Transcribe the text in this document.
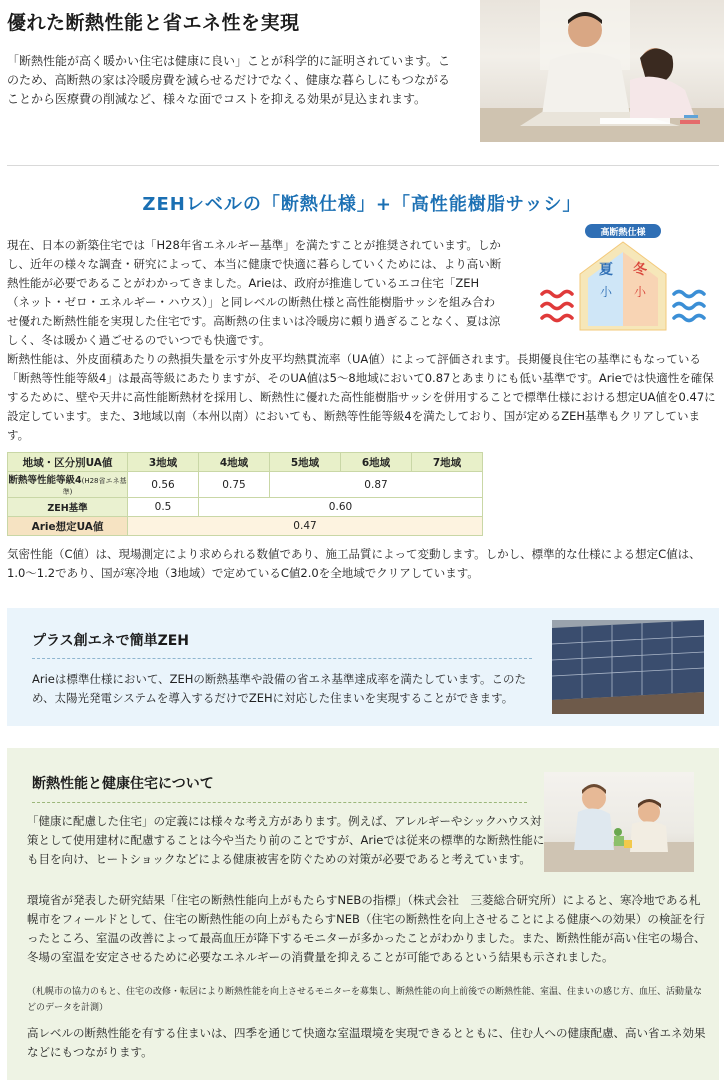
優れた断熱性能と省エネ性を実現
「断熱性能が高く暖かい住宅は健康に良い」ことが科学的に証明されています。このため、高断熱の家は冷暖房費を減らせるだけでなく、健康な暮らしにもつながることから医療費の削減など、様々な面でコストを抑える効果が見込まれます。
ZEHレベルの「断熱仕様」+「高性能樹脂サッシ」
現在、日本の新築住宅では「H28年省エネルギー基準」を満たすことが推奨されています。しかし、近年の様々な調査・研究によって、本当に健康で快適に暮らしていくためには、より高い断熱性能が必要であることがわかってきました。Arieは、政府が推進しているエコ住宅「ZEH（ネット・ゼロ・エネルギー・ハウス）」と同レベルの断熱仕様と高性能樹脂サッシを組み合わせ優れた断熱性能を実現した住宅です。高断熱の住まいは冷暖房に頼り過ぎることなく、夏は涼しく、冬は暖かく過ごせるのでいつでも快適です。
高断熱仕様
夏 冬
小 小
断熱性能は、外皮面積あたりの熱損失量を示す外皮平均熱貫流率（UA値）によって評価されます。長期優良住宅の基準にもなっている「断熱等性能等級4」は最高等級にあたりますが、そのUA値は5〜8地域において0.87とあまりにも低い基準です。Arieでは快適性を確保するために、壁や天井に高性能断熱材を採用し、断熱性に優れた高性能樹脂サッシを併用することで標準仕様における想定UA値を0.47に設定しています。また、3地域以南（本州以南）においても、断熱等性能等級4を満たしており、国が定めるZEH基準もクリアしています。
地域・区分別UA値	3地域	4地域	5地域	6地域	7地域
断熱等性能等級4(H28省エネ基準)	0.56	0.75	0.87		
ZEH基準	0.5	0.60			
Arie想定UA値	0.47				
気密性能（C値）は、現場測定により求められる数値であり、施工品質によって変動します。しかし、標準的な仕様による想定C値は、1.0〜1.2であり、国が寒冷地（3地域）で定めているC値2.0を全地域でクリアしています。
プラス創エネで簡単ZEH
Arieは標準仕様において、ZEHの断熱基準や設備の省エネ基準達成率を満たしています。このため、太陽光発電システムを導入するだけでZEHに対応した住まいを実現することができます。
断熱性能と健康住宅について
「健康に配慮した住宅」の定義には様々な考え方があります。例えば、アレルギーやシックハウス対策として使用建材に配慮することは今や当たり前のことですが、Arieでは従来の標準的な断熱性能にも目を向け、ヒートショックなどによる健康被害を防ぐための対策が必要であると考えています。
環境省が発表した研究結果「住宅の断熱性能向上がもたらすNEBの指標」（株式会社　三菱総合研究所）によると、寒冷地である札幌市をフィールドとして、住宅の断熱性能の向上がもたらすNEB（住宅の断熱性を向上させることによる健康への効果）の検証を行ったところ、室温の改善によって最高血圧が降下するモニターが多かったことがわかりました。また、断熱性能が高い住宅の場合、冬場の室温を安定させるために必要なエネルギーの消費量を抑えることが可能であるという結果も示されました。
（札幌市の協力のもと、住宅の改修・転居により断熱性能を向上させるモニターを募集し、断熱性能の向上前後での断熱性能、室温、住まいの感じ方、血圧、活動量などのデータを計測）
高レベルの断熱性能を有する住まいは、四季を通じて快適な室温環境を実現できるとともに、住む人への健康配慮、高い省エネ効果などにもつながります。
